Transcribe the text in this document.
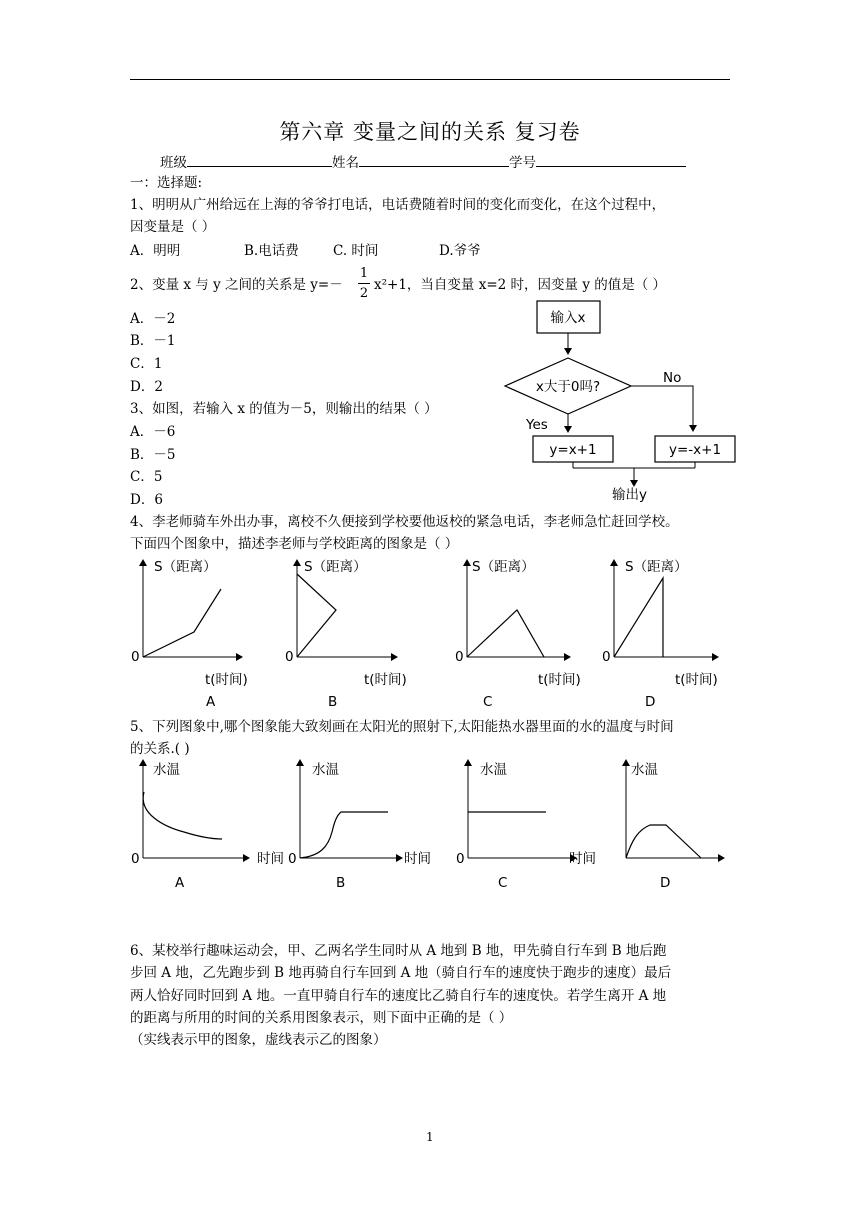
第六章 变量之间的关系 复习卷
班级	姓名	学号
一：选择题:
1、明明从广州给远在上海的爷爷打电话，电话费随着时间的变化而变化，在这个过程中，
因变量是（ ）
A．明明	B.电话费	C. 时间	D.爷爷
2、变量 x 与 y 之间的关系是 y=－
1
2
x²+1，当自变量 x=2 时，因变量 y 的值是（ ）
A．－2
B．－1
C．1
D．2
3、如图，若输入 x 的值为－5，则输出的结果（ ）
A．－6
B．－5
C．5
D．6
输入x
x大于0吗?
No
Yes
y=x+1	y=-x+1
输出y
4、李老师骑车外出办事，离校不久便接到学校要他返校的紧急电话，李老师急忙赶回学校。
下面四个图象中，描述李老师与学校距离的图象是（ ）
S（距离）
0
t(时间)
A
S（距离）
0
t(时间)
B
S（距离）
0
t(时间)
C
S（距离）
0
t(时间)
D
5、下列图象中,哪个图象能大致刻画在太阳光的照射下,太阳能热水器里面的水的温度与时间
的关系.( )
水温
0
A
水温
时间 0
B
水温
时间 0
C
水温
时间
D
6、某校举行趣味运动会，甲、乙两名学生同时从 A 地到 B 地，甲先骑自行车到 B 地后跑
步回 A 地，乙先跑步到 B 地再骑自行车回到 A 地（骑自行车的速度快于跑步的速度）最后
两人恰好同时回到 A 地。一直甲骑自行车的速度比乙骑自行车的速度快。若学生离开 A 地
的距离与所用的时间的关系用图象表示，则下面中正确的是（ ）
（实线表示甲的图象，虚线表示乙的图象）
1
